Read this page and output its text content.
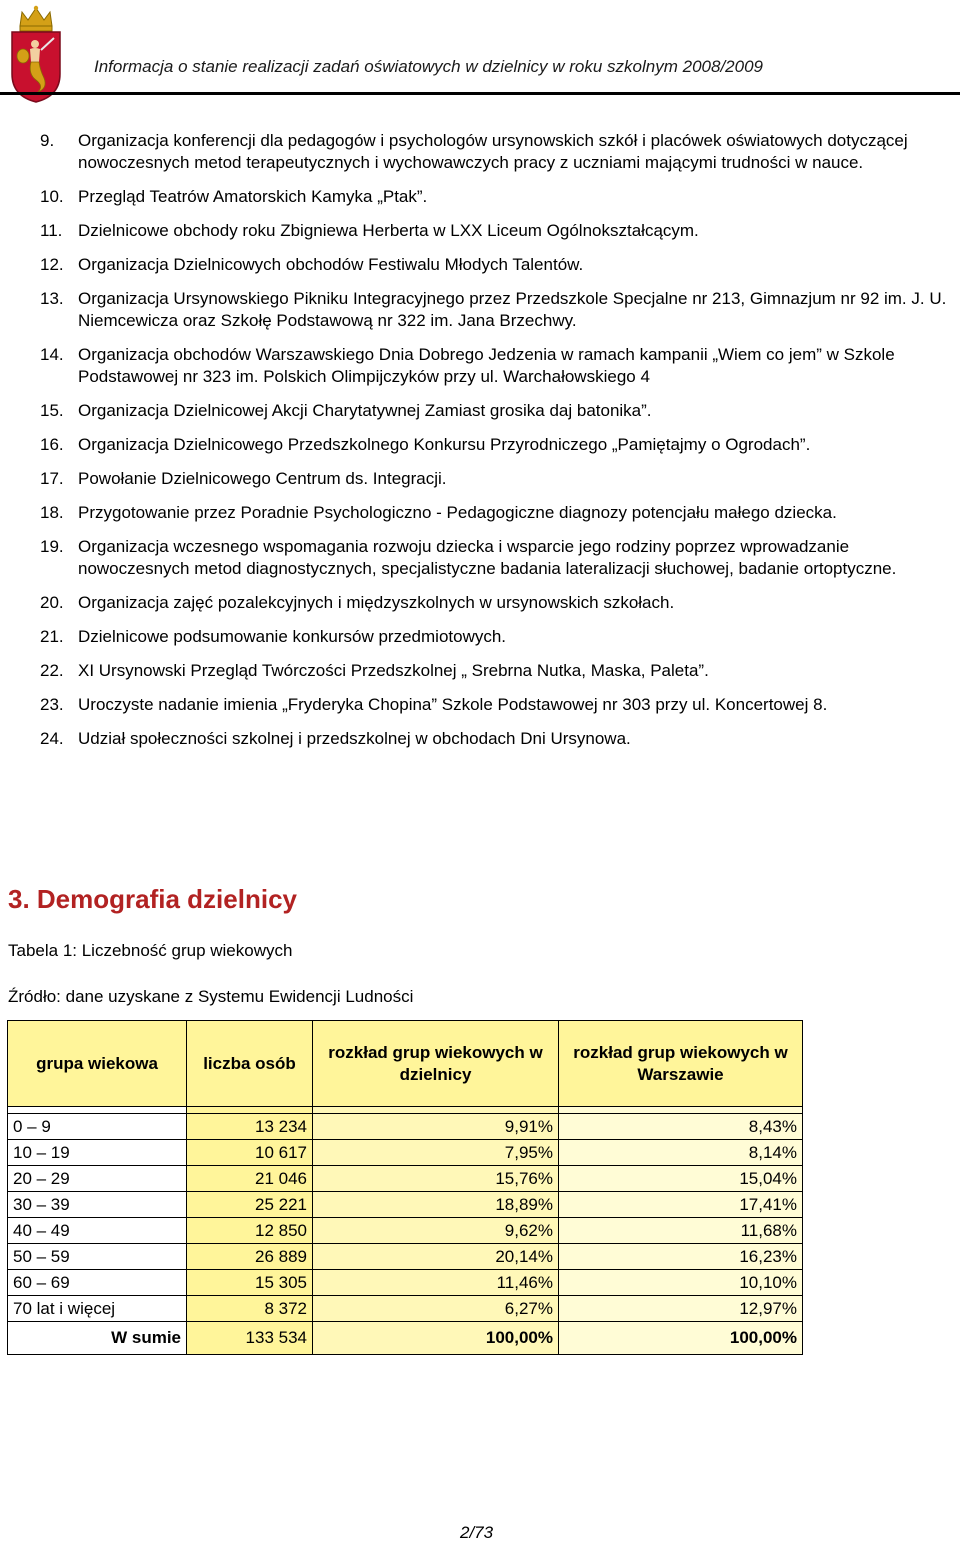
Informacja o stanie realizacji zadań oświatowych w dzielnicy w roku szkolnym 2008/2009
9.	Organizacja konferencji dla pedagogów i psychologów ursynowskich szkół i placówek oświatowych dotyczącej nowoczesnych metod terapeutycznych i wychowawczych pracy z uczniami mającymi trudności w nauce.
10. Przegląd Teatrów Amatorskich Kamyka „Ptak”.
11. Dzielnicowe obchody roku Zbigniewa Herberta w LXX Liceum Ogólnokształcącym.
12. Organizacja Dzielnicowych obchodów Festiwalu Młodych Talentów.
13. Organizacja Ursynowskiego Pikniku Integracyjnego przez Przedszkole Specjalne nr 213, Gimnazjum nr 92 im. J. U. Niemcewicza oraz Szkołę Podstawową nr 322 im. Jana Brzechwy.
14. Organizacja obchodów Warszawskiego Dnia Dobrego Jedzenia w ramach kampanii „Wiem co jem” w Szkole Podstawowej nr 323 im. Polskich Olimpijczyków przy ul. Warchałowskiego 4
15. Organizacja Dzielnicowej Akcji Charytatywnej Zamiast grosika daj batonika”.
16. Organizacja Dzielnicowego Przedszkolnego Konkursu Przyrodniczego „Pamiętajmy o Ogrodach”.
17. Powołanie Dzielnicowego Centrum ds. Integracji.
18. Przygotowanie przez Poradnie Psychologiczno - Pedagogiczne diagnozy potencjału małego dziecka.
19. Organizacja wczesnego wspomagania rozwoju dziecka i wsparcie jego rodziny poprzez wprowadzanie nowoczesnych metod diagnostycznych, specjalistyczne badania lateralizacji słuchowej, badanie ortoptyczne.
20. Organizacja zajęć pozalekcyjnych i międzyszkolnych w ursynowskich szkołach.
21. Dzielnicowe podsumowanie konkursów przedmiotowych.
22. XI Ursynowski Przegląd Twórczości Przedszkolnej „ Srebrna Nutka, Maska, Paleta”.
23. Uroczyste nadanie imienia „Fryderyka Chopina” Szkole Podstawowej nr 303 przy ul. Koncertowej 8.
24. Udział społeczności szkolnej i przedszkolnej w obchodach Dni Ursynowa.
3. Demografia dzielnicy
Tabela 1: Liczebność grup wiekowych
Źródło: dane uzyskane z Systemu Ewidencji Ludności
grupa wiekowa	liczba osób	rozkład grup wiekowych w dzielnicy	rozkład grup wiekowych w Warszawie

0 – 9	13 234	9,91%	8,43%
10 – 19	10 617	7,95%	8,14%
20 – 29	21 046	15,76%	15,04%
30 – 39	25 221	18,89%	17,41%
40 – 49	12 850	9,62%	11,68%
50 – 59	26 889	20,14%	16,23%
60 – 69	15 305	11,46%	10,10%
70 lat i więcej	8 372	6,27%	12,97%
W sumie	133 534	100,00%	100,00%
2/73
